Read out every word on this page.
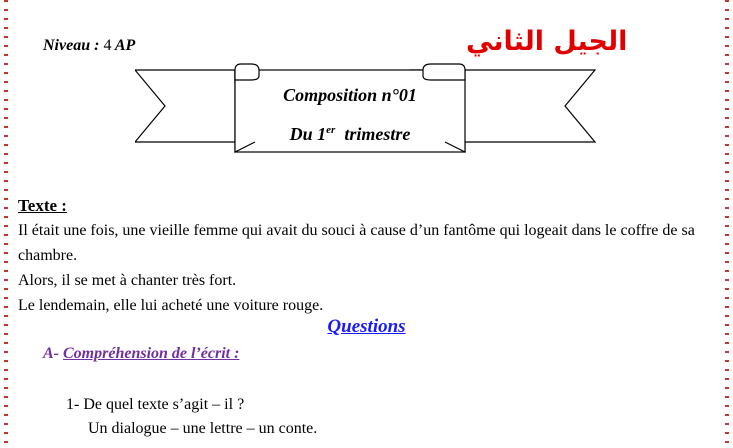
Niveau : 4 AP	الجيل الثاني
Composition n°01
Du 1er  trimestre
Texte :
Il était une fois, une vieille femme qui avait du souci à cause d’un fantôme qui logeait dans le coffre de sa chambre.
Alors, il se met à chanter très fort.
Le lendemain, elle lui acheté une voiture rouge.
Questions
A- Compréhension de l’écrit :
1- De quel texte s’agit – il ?
Un dialogue – une lettre – un conte.
